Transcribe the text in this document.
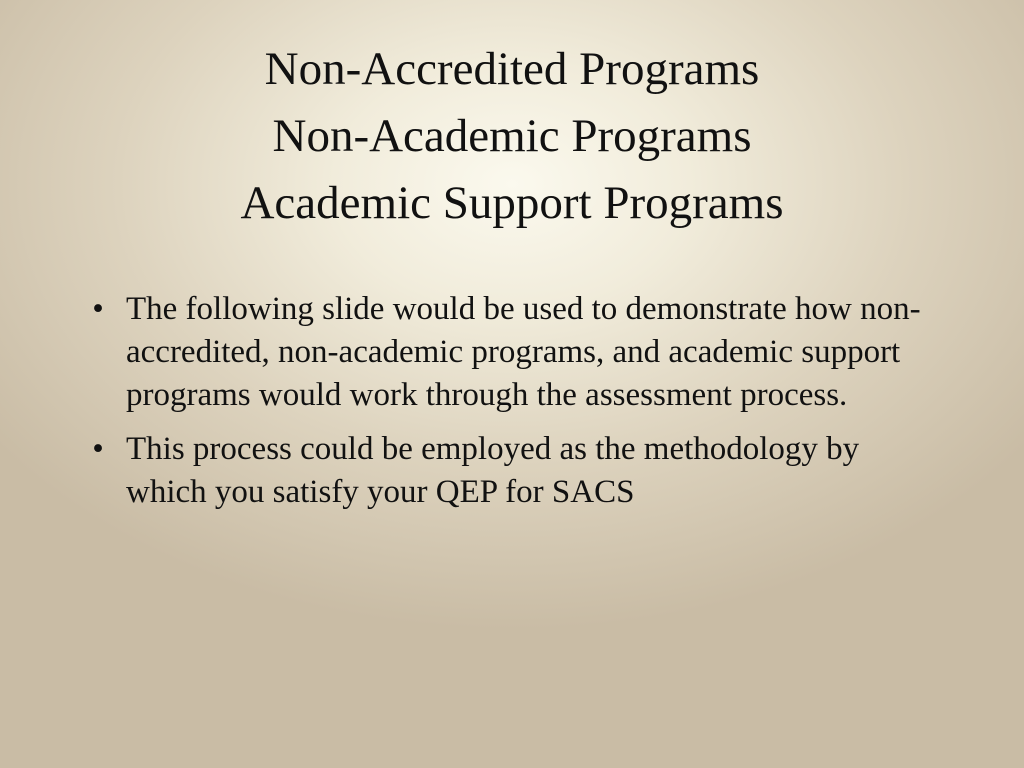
Non-Accredited Programs
Non-Academic Programs
Academic Support Programs
• The following slide would be used to demonstrate how non-accredited, non-academic programs, and academic support programs would work through the assessment process.
• This process could be employed as the methodology by which you satisfy your QEP for SACS
